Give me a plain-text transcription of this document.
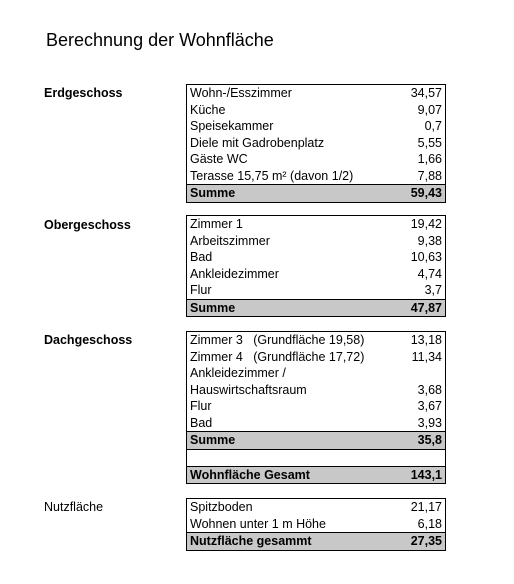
Berechnung der Wohnfläche
Erdgeschoss	Wohn-/Esszimmer	34,57
Küche	9,07
Speisekammer	0,7
Diele mit Gadrobenplatz	5,55
Gäste WC	1,66
Terasse 15,75 m² (davon 1/2)	7,88
Summe	59,43
Obergeschoss	Zimmer 1	19,42
Arbeitszimmer	9,38
Bad	10,63
Ankleidezimmer	4,74
Flur	3,7
Summe	47,87
Dachgeschoss	Zimmer 3   (Grundfläche 19,58)	13,18
Zimmer 4   (Grundfläche 17,72)	11,34
Ankleidezimmer /
Hauswirtschaftsraum	3,68
Flur	3,67
Bad	3,93
Summe	35,8
Wohnfläche Gesamt	143,1
Nutzfläche	Spitzboden	21,17
Wohnen unter 1 m Höhe	6,18
Nutzfläche gesammt	27,35
